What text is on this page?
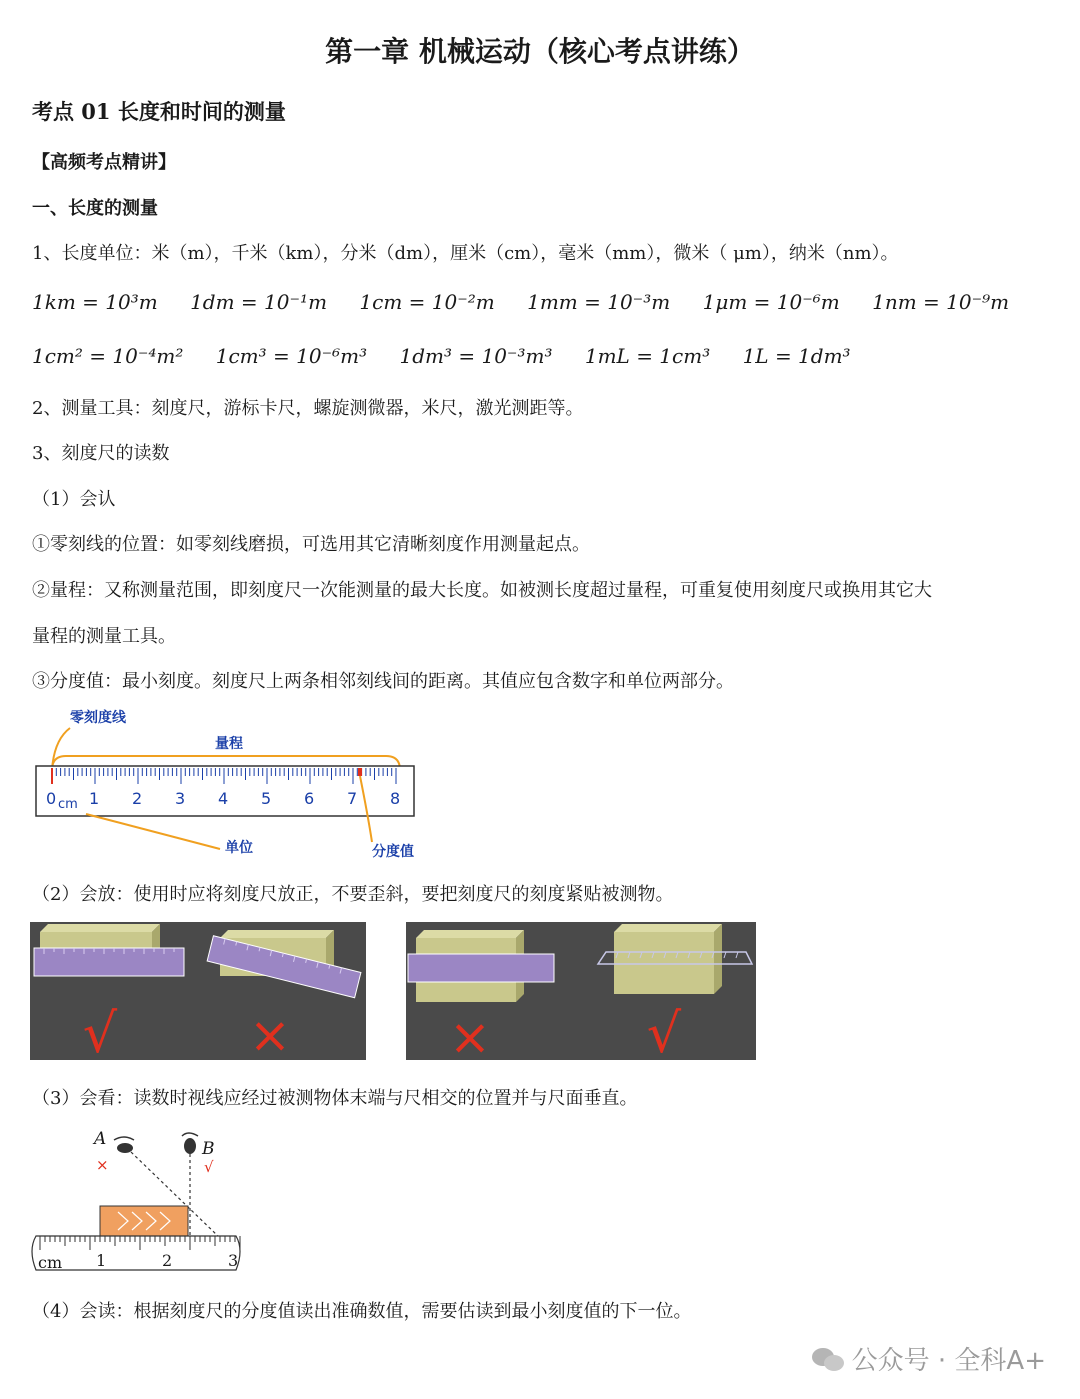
第一章 机械运动（核心考点讲练）
考点 01 长度和时间的测量
【高频考点精讲】
一、长度的测量
1、长度单位：米（m），千米（km），分米（dm），厘米（cm），毫米（mm），微米（ μm），纳米（nm）。
1km = 10³m 1dm = 10⁻¹m 1cm = 10⁻²m 1mm = 10⁻³m 1μm = 10⁻⁶m 1nm = 10⁻⁹m
1cm² = 10⁻⁴m² 1cm³ = 10⁻⁶m³ 1dm³ = 10⁻³m³ 1mL = 1cm³ 1L = 1dm³
2、测量工具：刻度尺，游标卡尺，螺旋测微器，米尺，激光测距等。
3、刻度尺的读数
（1）会认
①零刻线的位置：如零刻线磨损，可选用其它清晰刻度作用测量起点。
②量程：又称测量范围，即刻度尺一次能测量的最大长度。如被测长度超过量程，可重复使用刻度尺或换用其它大
量程的测量工具。
③分度值：最小刻度。刻度尺上两条相邻刻线间的距离。其值应包含数字和单位两部分。
零刻度线
量程
0 1 2 3 4 5 6 7 8
cm
单位	分度值
（2）会放：使用时应将刻度尺放正，不要歪斜，要把刻度尺的刻度紧贴被测物。
√	×	×	√
（3）会看：读数时视线应经过被测物体末端与尺相交的位置并与尺面垂直。
A
×
B
√
cm 1	2	3
（4）会读：根据刻度尺的分度值读出准确数值，需要估读到最小刻度值的下一位。
公众号 · 全科A+
